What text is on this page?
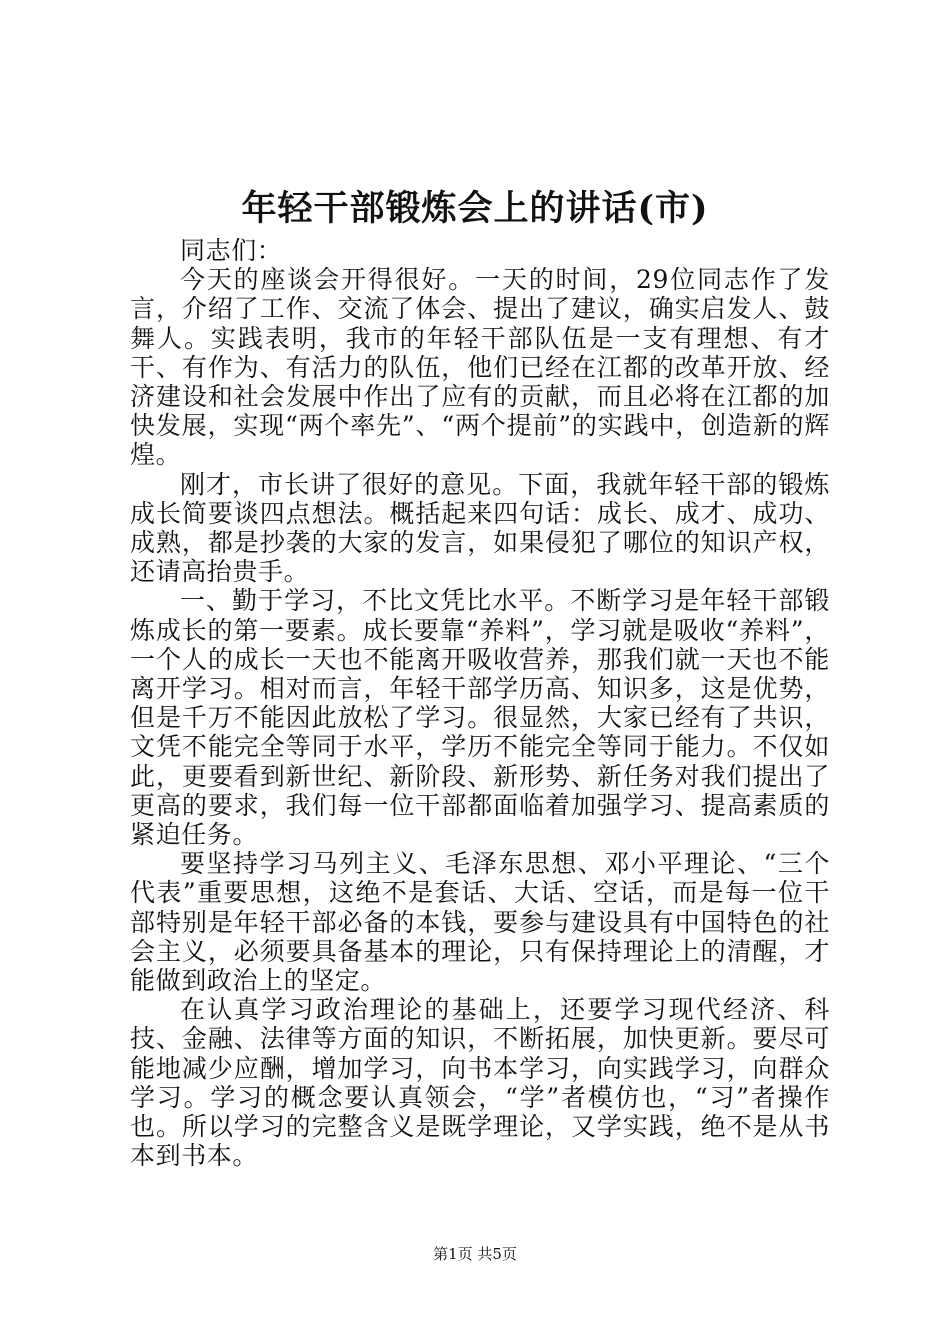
年轻干部锻炼会上的讲话(市)

同志们：

今天的座谈会开得很好。一天的时间，29位同志作了发言，介绍了工作、交流了体会、提出了建议，确实启发人、鼓舞人。实践表明，我市的年轻干部队伍是一支有理想、有才干、有作为、有活力的队伍，他们已经在江都的改革开放、经济建设和社会发展中作出了应有的贡献，而且必将在江都的加快发展，实现“两个率先”、“两个提前”的实践中，创造新的辉煌。

刚才，市长讲了很好的意见。下面，我就年轻干部的锻炼成长简要谈四点想法。概括起来四句话：成长、成才、成功、成熟，都是抄袭的大家的发言，如果侵犯了哪位的知识产权，还请高抬贵手。

一、勤于学习，不比文凭比水平。不断学习是年轻干部锻炼成长的第一要素。成长要靠“养料”，学习就是吸收“养料”，一个人的成长一天也不能离开吸收营养，那我们就一天也不能离开学习。相对而言，年轻干部学历高、知识多，这是优势，但是千万不能因此放松了学习。很显然，大家已经有了共识，文凭不能完全等同于水平，学历不能完全等同于能力。不仅如此，更要看到新世纪、新阶段、新形势、新任务对我们提出了更高的要求，我们每一位干部都面临着加强学习、提高素质的紧迫任务。

要坚持学习马列主义、毛泽东思想、邓小平理论、“三个代表”重要思想，这绝不是套话、大话、空话，而是每一位干部特别是年轻干部必备的本钱，要参与建设具有中国特色的社会主义，必须要具备基本的理论，只有保持理论上的清醒，才能做到政治上的坚定。

在认真学习政治理论的基础上，还要学习现代经济、科技、金融、法律等方面的知识，不断拓展，加快更新。要尽可能地减少应酬，增加学习，向书本学习，向实践学习，向群众学习。学习的概念要认真领会，“学”者模仿也，“习”者操作也。所以学习的完整含义是既学理论，又学实践，绝不是从书本到书本。

第1页 共5页
